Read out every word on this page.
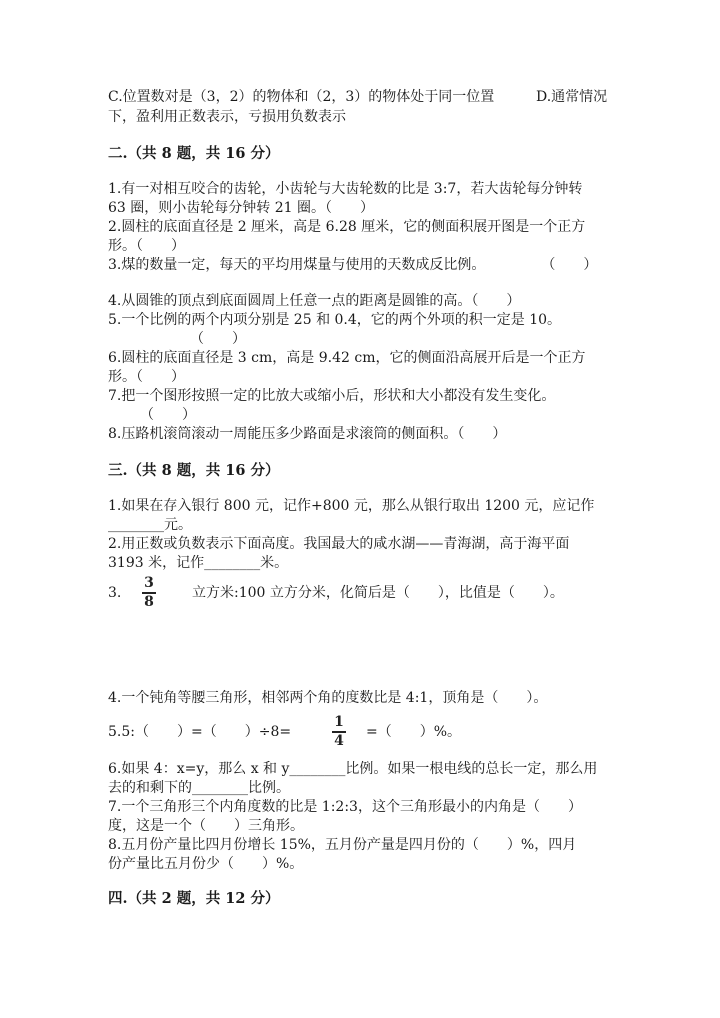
C.位置数对是（3，2）的物体和（2，3）的物体处于同一位置	D.通常情况
下，盈利用正数表示，亏损用负数表示
二.（共 8 题，共 16 分）
1.有一对相互咬合的齿轮，小齿轮与大齿轮数的比是 3:7，若大齿轮每分钟转
63 圈，则小齿轮每分钟转 21 圈。（　　）
2.圆柱的底面直径是 2 厘米，高是 6.28 厘米，它的侧面积展开图是一个正方
形。（　　）
3.煤的数量一定，每天的平均用煤量与使用的天数成反比例。　　　　　（　　）
4.从圆锥的顶点到底面圆周上任意一点的距离是圆锥的高。（　　）
5.一个比例的两个内项分别是 25 和 0.4，它的两个外项的积一定是 10。
（　　）
6.圆柱的底面直径是 3 cm，高是 9.42 cm，它的侧面沿高展开后是一个正方
形。（　　）
7.把一个图形按照一定的比放大或缩小后，形状和大小都没有发生变化。
（　　）
8.压路机滚筒滚动一周能压多少路面是求滚筒的侧面积。（　　）
三.（共 8 题，共 16 分）
1.如果在存入银行 800 元，记作+800 元，那么从银行取出 1200 元，应记作
________元。
2.用正数或负数表示下面高度。我国最大的咸水湖——青海湖，高于海平面
3193 米，记作________米。
3.
3
8
立方米:100 立方分米，化简后是（　　），比值是（　　）。
4.一个钝角等腰三角形，相邻两个角的度数比是 4:1，顶角是（　　）。
5.5:（　　）=（　　）÷8=
1
4
=（　　）%。
6.如果 4：x=y，那么 x 和 y________比例。如果一根电线的总长一定，那么用
去的和剩下的________比例。
7.一个三角形三个内角度数的比是 1:2:3，这个三角形最小的内角是（　　）
度，这是一个（　　）三角形。
8.五月份产量比四月份增长 15%，五月份产量是四月份的（　　）%，四月
份产量比五月份少（　　）%。
四.（共 2 题，共 12 分）
